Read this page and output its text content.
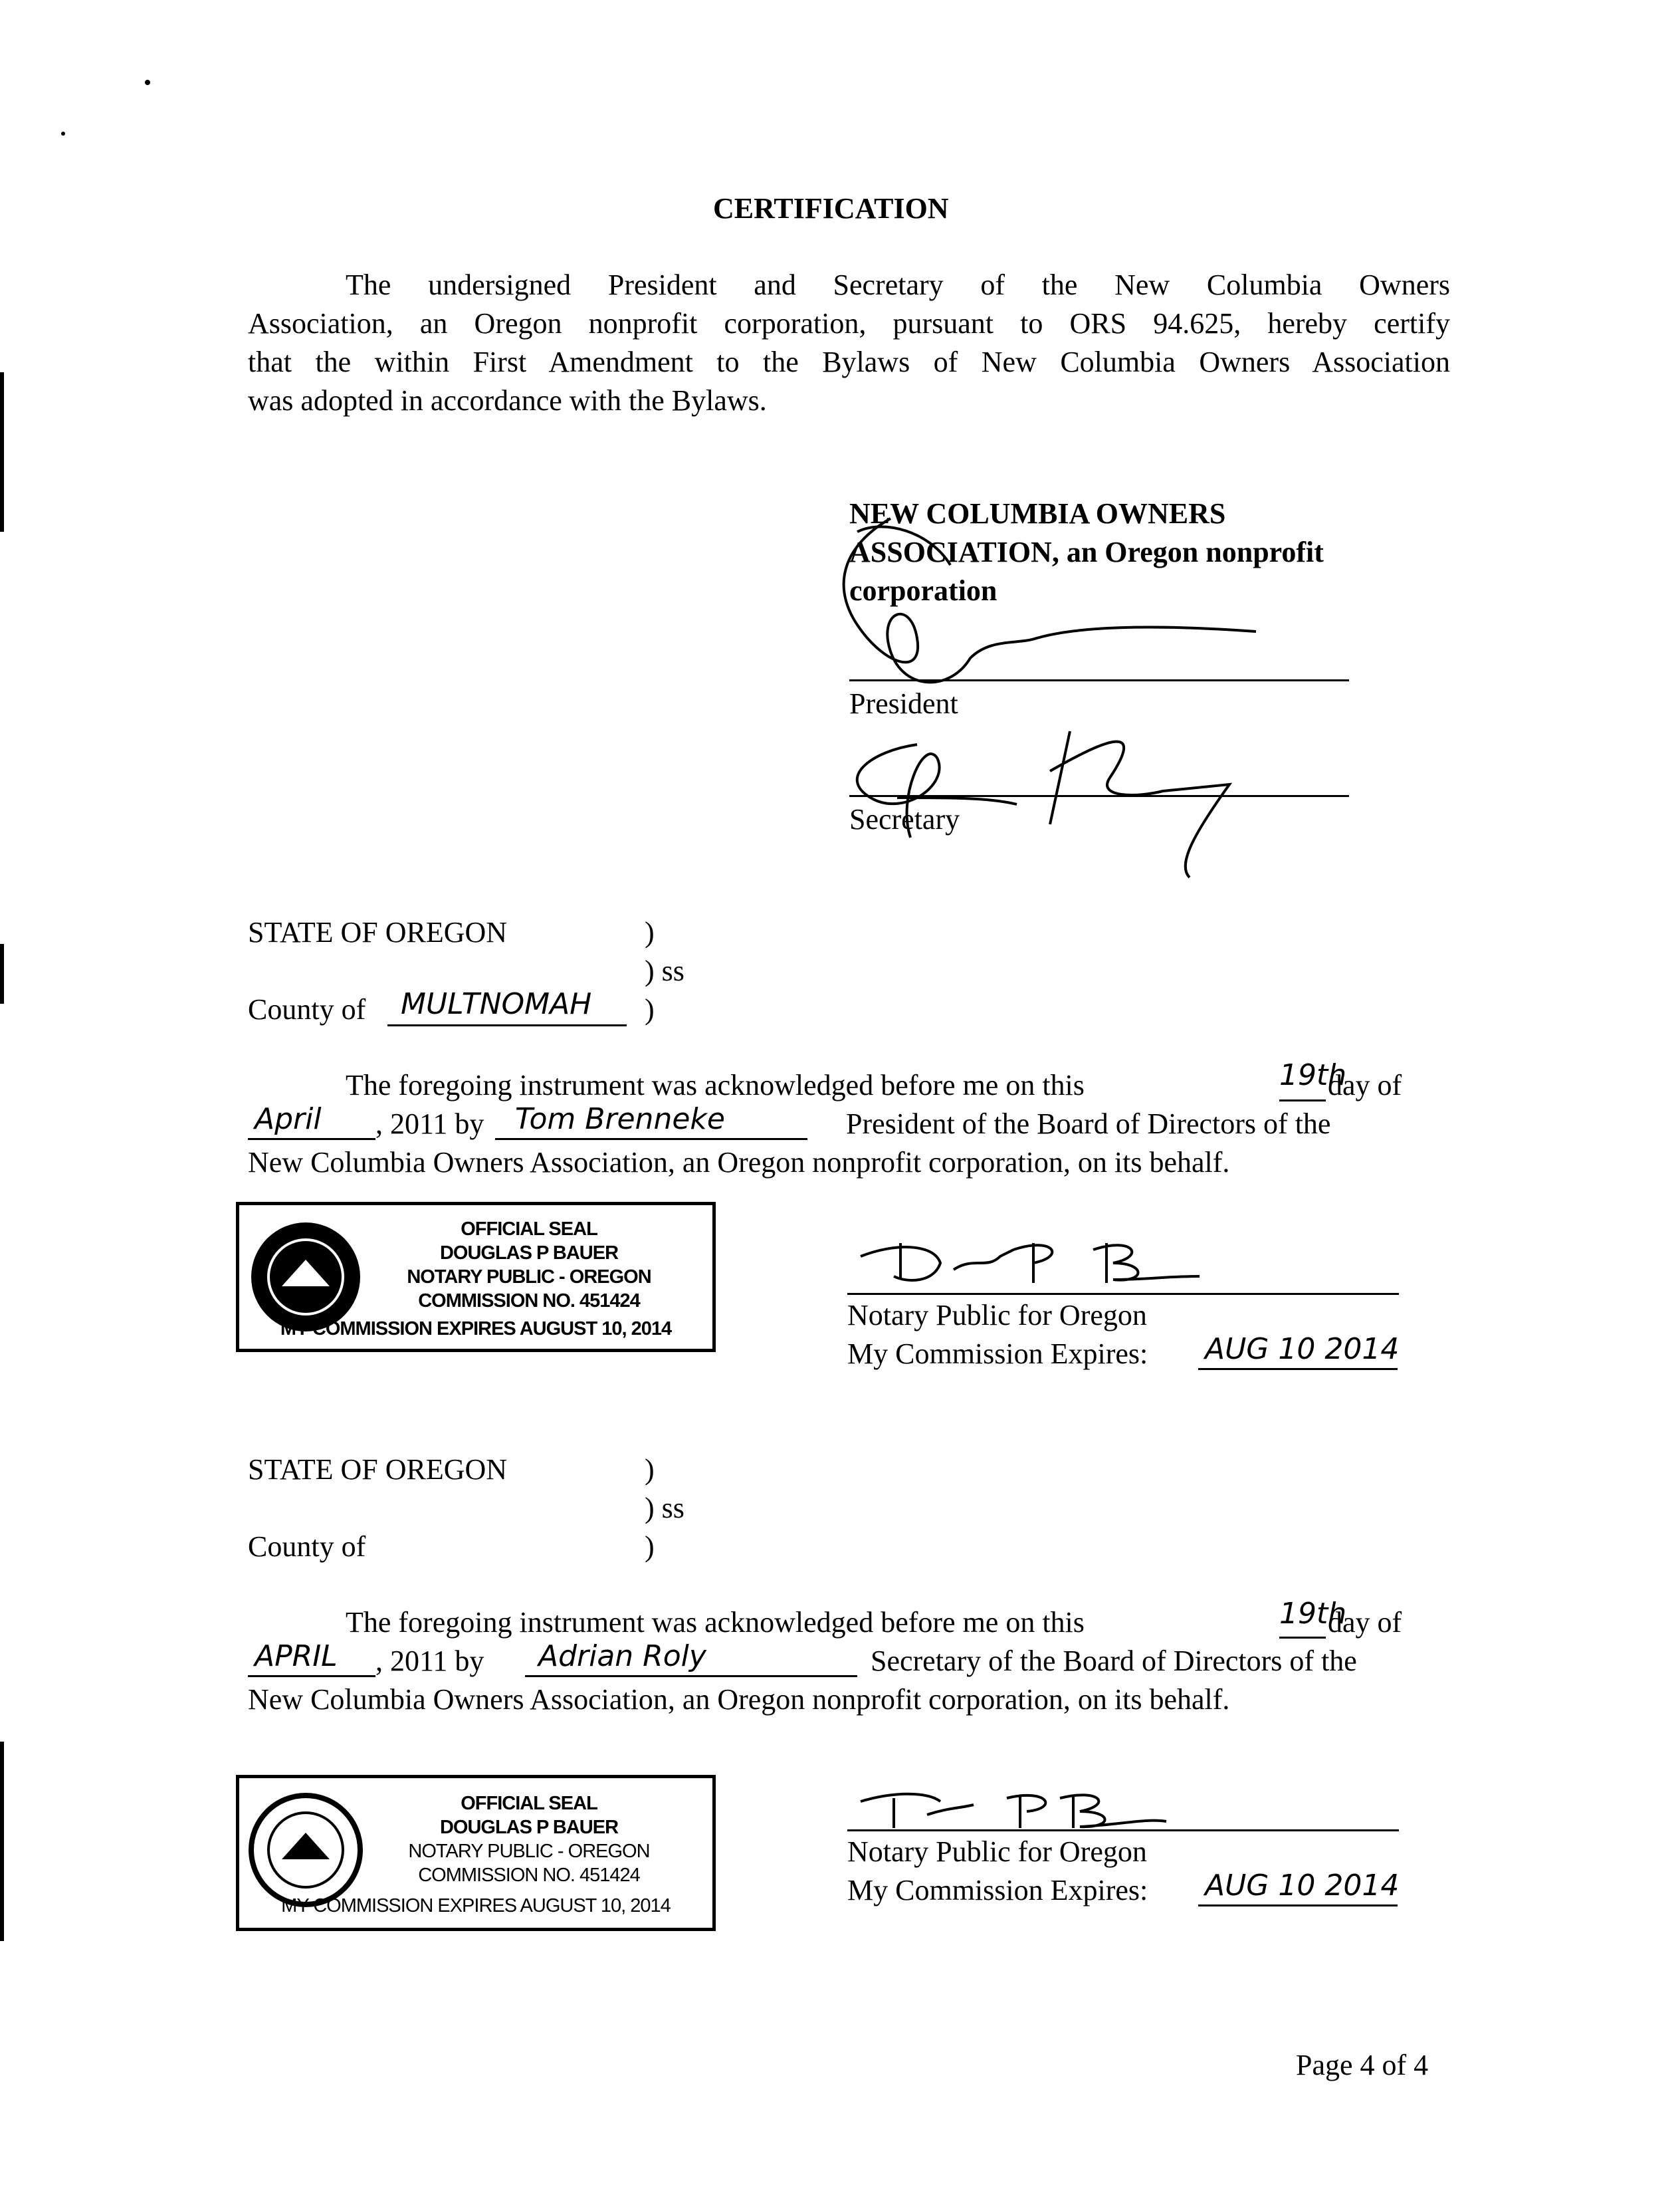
CERTIFICATION
The undersigned President and Secretary of the New Columbia Owners
Association, an Oregon nonprofit corporation, pursuant to ORS 94.625, hereby certify
that the within First Amendment to the Bylaws of New Columbia Owners Association
was adopted in accordance with the Bylaws.
NEW COLUMBIA OWNERS
ASSOCIATION, an Oregon nonprofit
corporation
President
Secretary
STATE OF OREGON	)
) ss
County of MULTNOMAH )
The foregoing instrument was acknowledged before me on this	19th
day of
April , 2011 by Tom Brenneke	President of the Board of Directors of the
New Columbia Owners Association, an Oregon nonprofit corporation, on its behalf.
OFFICIAL SEAL
DOUGLAS P BAUER
NOTARY PUBLIC - OREGON
COMMISSION NO. 451424
MY COMMISSION EXPIRES AUGUST 10, 2014	Notary Public for Oregon
My Commission Expires: AUG 10 2014
STATE OF OREGON	)
) ss
County of	)
The foregoing instrument was acknowledged before me on this	19th
day of
APRIL , 2011 by Adrian Roly	Secretary of the Board of Directors of the
New Columbia Owners Association, an Oregon nonprofit corporation, on its behalf.
OFFICIAL SEAL
DOUGLAS P BAUER
NOTARY PUBLIC - OREGON
COMMISSION NO. 451424
MY COMMISSION EXPIRES AUGUST 10, 2014
Notary Public for Oregon
My Commission Expires: AUG 10 2014
Page 4 of 4
